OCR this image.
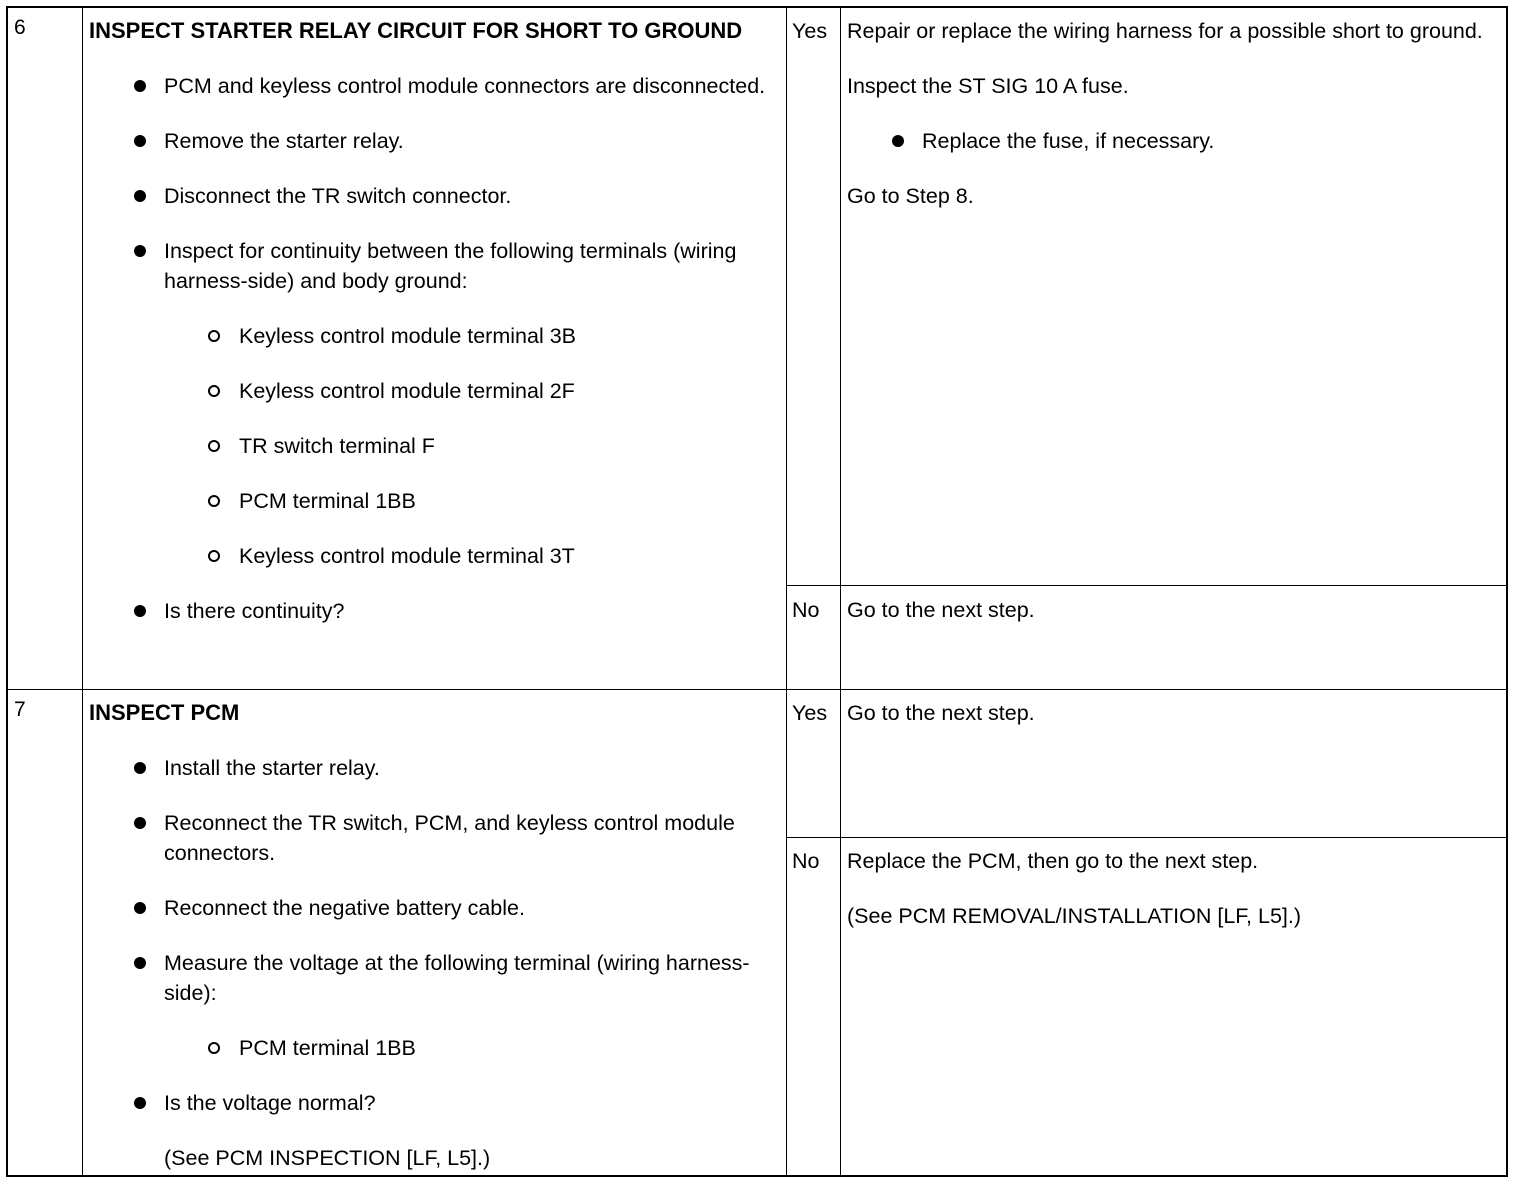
6	INSPECT STARTER RELAY CIRCUIT FOR SHORT TO GROUND
PCM and keyless control module connectors are disconnected.
Remove the starter relay.
Disconnect the TR switch connector.
Inspect for continuity between the following terminals (wiring harness-side) and body ground:
Keyless control module terminal 3B
Keyless control module terminal 2F
TR switch terminal F
PCM terminal 1BB
Keyless control module terminal 3T
Is there continuity?
Yes Repair or replace the wiring harness for a possible short to ground.
Inspect the ST SIG 10 A fuse.
Replace the fuse, if necessary.
Go to Step 8.
No Go to the next step.
7	INSPECT PCM
Install the starter relay.
Reconnect the TR switch, PCM, and keyless control module connectors.
Reconnect the negative battery cable.
Measure the voltage at the following terminal (wiring harness-side):
PCM terminal 1BB
Is the voltage normal?
(See PCM INSPECTION [LF, L5].)
Yes Go to the next step.
No Replace the PCM, then go to the next step.
(See PCM REMOVAL/INSTALLATION [LF, L5].)
